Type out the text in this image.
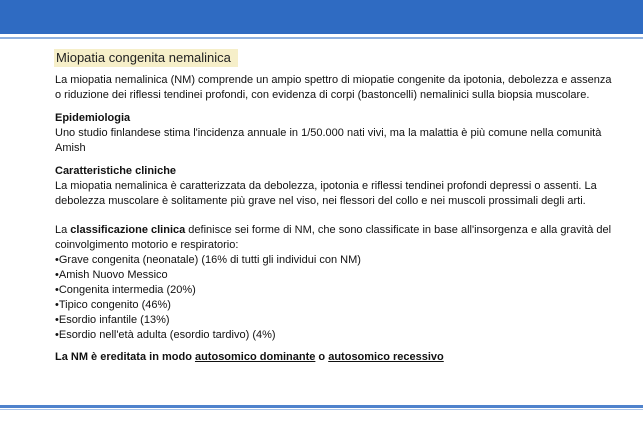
Miopatia congenita nemalinica

La miopatia nemalinica (NM) comprende un ampio spettro di miopatie congenite da ipotonia, debolezza e assenza o riduzione dei riflessi tendinei profondi, con evidenza di corpi (bastoncelli) nemalinici sulla biopsia muscolare.

Epidemiologia

Uno studio finlandese stima l'incidenza annuale in 1/50.000 nati vivi, ma la malattia è più comune nella comunità Amish

Caratteristiche cliniche

La miopatia nemalinica è caratterizzata da debolezza, ipotonia e riflessi tendinei profondi depressi o assenti. La debolezza muscolare è solitamente più grave nel viso, nei flessori del collo e nei muscoli prossimali degli arti.

La classificazione clinica definisce sei forme di NM, che sono classificate in base all'insorgenza e alla gravità del coinvolgimento motorio e respiratorio:

•Grave congenita (neonatale) (16% di tutti gli individui con NM)
•Amish Nuovo Messico
•Congenita intermedia (20%)
•Tipico congenito (46%)
•Esordio infantile (13%)
•Esordio nell'età adulta (esordio tardivo) (4%)

La NM è ereditata in modo autosomico dominante o autosomico recessivo
